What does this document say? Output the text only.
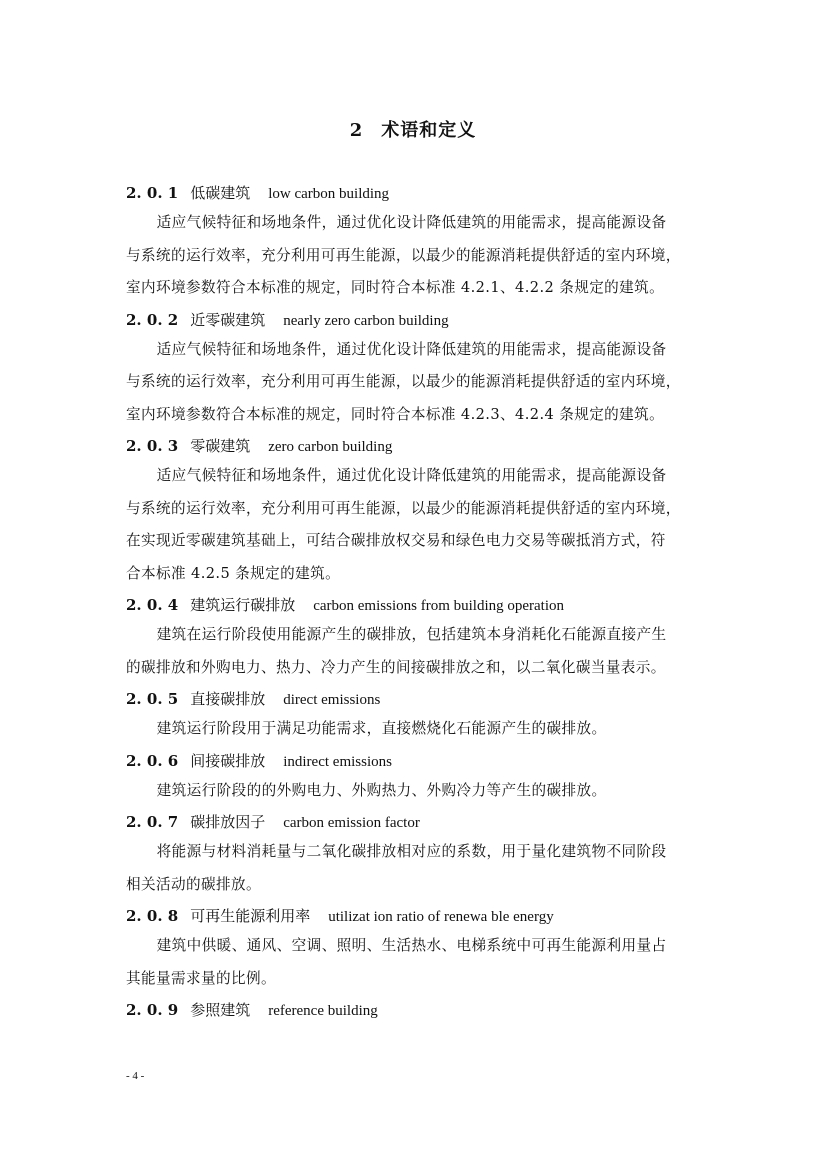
2 术语和定义
2. 0. 1 低碳建筑 low carbon building
适应气候特征和场地条件，通过优化设计降低建筑的用能需求，提高能源设备
与系统的运行效率，充分利用可再生能源，以最少的能源消耗提供舒适的室内环境，
室内环境参数符合本标准的规定，同时符合本标准 4.2.1、4.2.2 条规定的建筑。
2. 0. 2 近零碳建筑 nearly zero carbon building
适应气候特征和场地条件，通过优化设计降低建筑的用能需求，提高能源设备
与系统的运行效率，充分利用可再生能源，以最少的能源消耗提供舒适的室内环境，
室内环境参数符合本标准的规定，同时符合本标准 4.2.3、4.2.4 条规定的建筑。
2. 0. 3 零碳建筑 zero carbon building
适应气候特征和场地条件，通过优化设计降低建筑的用能需求，提高能源设备
与系统的运行效率，充分利用可再生能源，以最少的能源消耗提供舒适的室内环境，
在实现近零碳建筑基础上，可结合碳排放权交易和绿色电力交易等碳抵消方式，符
合本标准 4.2.5 条规定的建筑。
2. 0. 4 建筑运行碳排放 carbon emissions from building operation
建筑在运行阶段使用能源产生的碳排放，包括建筑本身消耗化石能源直接产生
的碳排放和外购电力、热力、冷力产生的间接碳排放之和，以二氧化碳当量表示。
2. 0. 5 直接碳排放 direct emissions
建筑运行阶段用于满足功能需求，直接燃烧化石能源产生的碳排放。
2. 0. 6 间接碳排放 indirect emissions
建筑运行阶段的的外购电力、外购热力、外购冷力等产生的碳排放。
2. 0. 7 碳排放因子 carbon emission factor
将能源与材料消耗量与二氧化碳排放相对应的系数，用于量化建筑物不同阶段
相关活动的碳排放。
2. 0. 8 可再生能源利用率 utilizat ion ratio of renewa ble energy
建筑中供暖、通风、空调、照明、生活热水、电梯系统中可再生能源利用量占
其能量需求量的比例。
2. 0. 9 参照建筑 reference building
- 4 -
